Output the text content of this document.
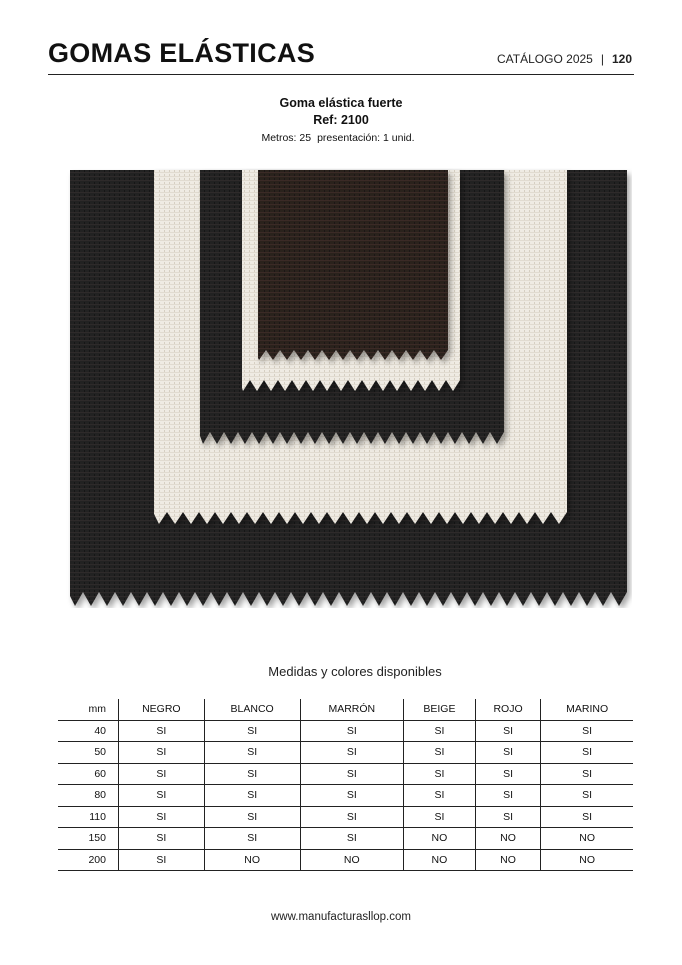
GOMAS ELÁSTICAS	CATÁLOGO 2025 | 120
Goma elástica fuerte
Ref: 2100
Metros: 25 presentación: 1 unid.
Medidas y colores disponibles
mm	NEGRO	BLANCO	MARRÓN	BEIGE	ROJO	MARINO
40	SI	SI	SI	SI	SI	SI
50	SI	SI	SI	SI	SI	SI
60	SI	SI	SI	SI	SI	SI
80	SI	SI	SI	SI	SI	SI
110	SI	SI	SI	SI	SI	SI
150	SI	SI	SI	NO	NO	NO
200	SI	NO	NO	NO	NO	NO
www.manufacturasllop.com
